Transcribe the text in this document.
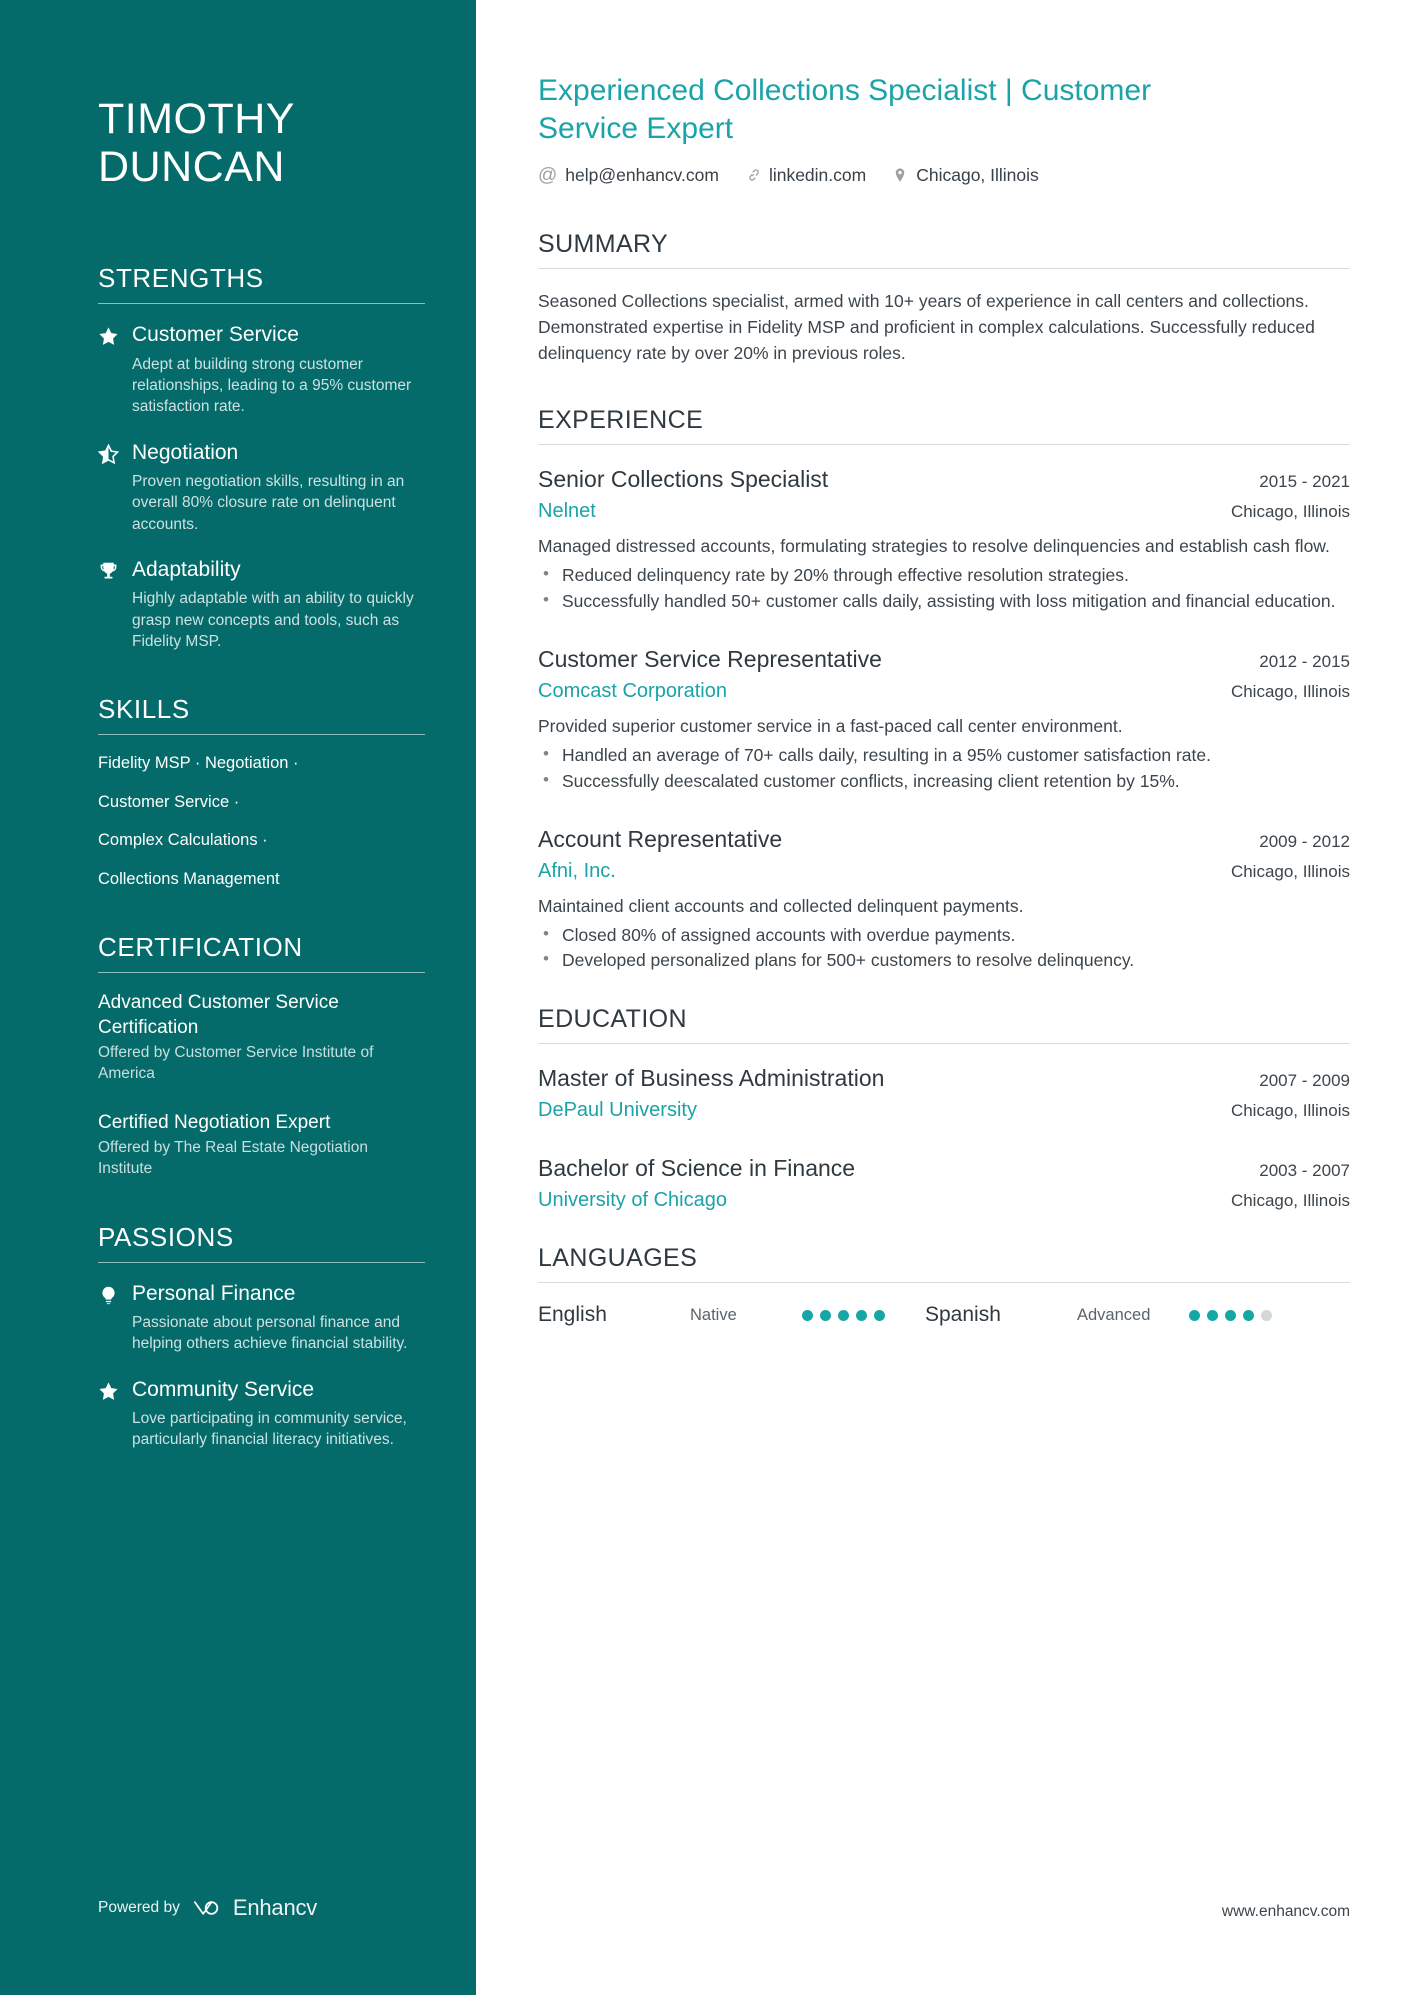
TIMOTHY
DUNCAN
STRENGTHS
Customer Service
Adept at building strong customer relationships, leading to a 95% customer satisfaction rate.
Negotiation
Proven negotiation skills, resulting in an overall 80% closure rate on delinquent accounts.
Adaptability
Highly adaptable with an ability to quickly grasp new concepts and tools, such as Fidelity MSP.
SKILLS
Fidelity MSP · Negotiation ·
Customer Service ·
Complex Calculations ·
Collections Management
CERTIFICATION
Advanced Customer Service Certification
Offered by Customer Service Institute of America
Certified Negotiation Expert
Offered by The Real Estate Negotiation Institute
PASSIONS
Personal Finance
Passionate about personal finance and helping others achieve financial stability.
Community Service
Love participating in community service, particularly financial literacy initiatives.
Powered by Enhancv
Experienced Collections Specialist | Customer Service Expert
@ help@enhancv.com	linkedin.com	Chicago, Illinois
SUMMARY

Seasoned Collections specialist, armed with 10+ years of experience in call centers and collections. Demonstrated expertise in Fidelity MSP and proficient in complex calculations. Successfully reduced delinquency rate by over 20% in previous roles.

EXPERIENCE
Senior Collections Specialist	2015 - 2021
Nelnet	Chicago, Illinois
Managed distressed accounts, formulating strategies to resolve delinquencies and establish cash flow.
• Reduced delinquency rate by 20% through effective resolution strategies.
• Successfully handled 50+ customer calls daily, assisting with loss mitigation and financial education.
Customer Service Representative	2012 - 2015
Comcast Corporation	Chicago, Illinois
Provided superior customer service in a fast-paced call center environment.
• Handled an average of 70+ calls daily, resulting in a 95% customer satisfaction rate.
• Successfully deescalated customer conflicts, increasing client retention by 15%.
Account Representative	2009 - 2012
Afni, Inc.	Chicago, Illinois
Maintained client accounts and collected delinquent payments.
• Closed 80% of assigned accounts with overdue payments.
• Developed personalized plans for 500+ customers to resolve delinquency.
EDUCATION
Master of Business Administration	2007 - 2009
DePaul University	Chicago, Illinois
Bachelor of Science in Finance	2003 - 2007
University of Chicago	Chicago, Illinois
LANGUAGES
English	Native	Spanish	Advanced
www.enhancv.com
